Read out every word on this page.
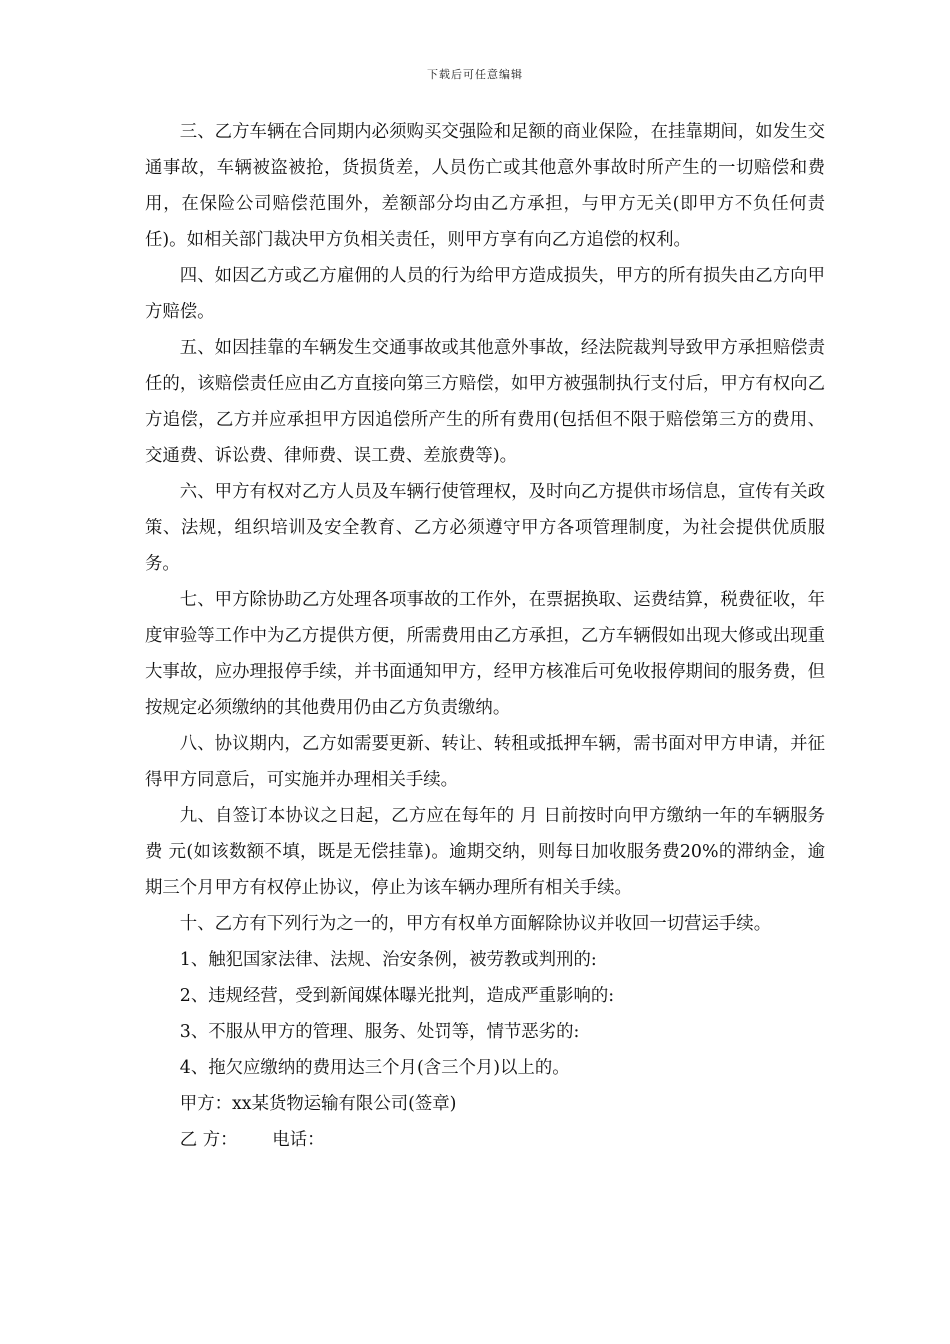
下载后可任意编辑

三、乙方车辆在合同期内必须购买交强险和足额的商业保险，在挂靠期间，如发生交通事故，车辆被盗被抢，货损货差，人员伤亡或其他意外事故时所产生的一切赔偿和费用，在保险公司赔偿范围外，差额部分均由乙方承担，与甲方无关(即甲方不负任何责任)。如相关部门裁决甲方负相关责任，则甲方享有向乙方追偿的权利。

四、如因乙方或乙方雇佣的人员的行为给甲方造成损失，甲方的所有损失由乙方向甲方赔偿。

五、如因挂靠的车辆发生交通事故或其他意外事故，经法院裁判导致甲方承担赔偿责任的，该赔偿责任应由乙方直接向第三方赔偿，如甲方被强制执行支付后，甲方有权向乙方追偿，乙方并应承担甲方因追偿所产生的所有费用(包括但不限于赔偿第三方的费用、交通费、诉讼费、律师费、误工费、差旅费等)。

六、甲方有权对乙方人员及车辆行使管理权，及时向乙方提供市场信息，宣传有关政策、法规，组织培训及安全教育、乙方必须遵守甲方各项管理制度，为社会提供优质服务。

七、甲方除协助乙方处理各项事故的工作外，在票据换取、运费结算，税费征收，年度审验等工作中为乙方提供方便，所需费用由乙方承担，乙方车辆假如出现大修或出现重大事故，应办理报停手续，并书面通知甲方，经甲方核准后可免收报停期间的服务费，但按规定必须缴纳的其他费用仍由乙方负责缴纳。

八、协议期内，乙方如需要更新、转让、转租或抵押车辆，需书面对甲方申请，并征得甲方同意后，可实施并办理相关手续。

九、自签订本协议之日起，乙方应在每年的 月 日前按时向甲方缴纳一年的车辆服务费 元(如该数额不填，既是无偿挂靠)。逾期交纳，则每日加收服务费20%的滞纳金，逾期三个月甲方有权停止协议，停止为该车辆办理所有相关手续。

十、乙方有下列行为之一的，甲方有权单方面解除协议并收回一切营运手续。

1、触犯国家法律、法规、治安条例，被劳教或判刑的:

2、违规经营，受到新闻媒体曝光批判，造成严重影响的:

3、不服从甲方的管理、服务、处罚等，情节恶劣的:

4、拖欠应缴纳的费用达三个月(含三个月)以上的。

甲方：xx某货物运输有限公司(签章)

乙 方： 电话：
